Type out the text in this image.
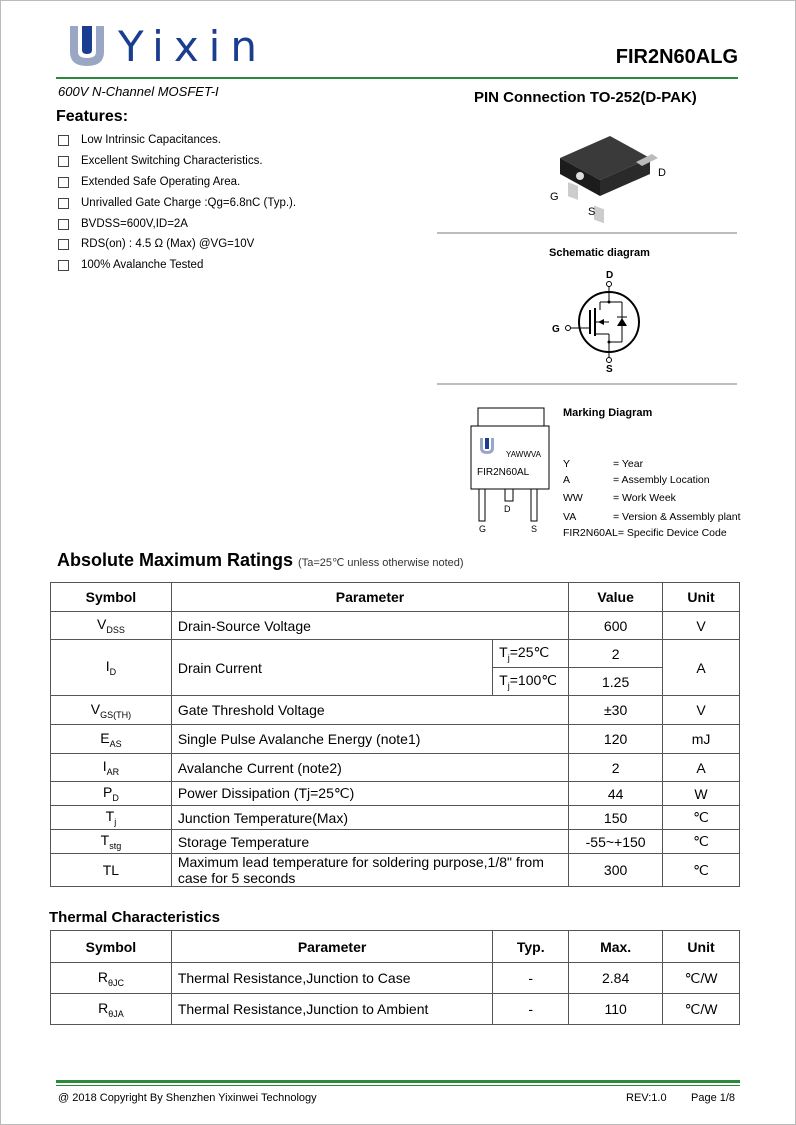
Yixin	FIR2N60ALG
600V N-Channel MOSFET-I	PIN Connection TO-252(D-PAK)
Features:
Low Intrinsic Capacitances.
Excellent Switching Characteristics.
Extended Safe Operating Area.
Unrivalled Gate Charge :Qg=6.8nC (Typ.).
BVDSS=600V,ID=2A
RDS(on) : 4.5 Ω (Max) @VG=10V
100% Avalanche Tested
G
S
D
Schematic diagram
D
G
S
YAWWVA
FIR2N60AL
G
D
S
Marking Diagram
Y	= Year
A	= Assembly Location
WW	= Work Week
VA	= Version & Assembly plant
FIR2N60AL= Specific Device Code
Absolute Maximum Ratings (Ta=25℃ unless otherwise noted)
Symbol	Parameter		Value	Unit
$V_{DSS}$	Drain-Source Voltage		600	V
$I_D$	Drain Current	$T_j=25℃$	2	A
		$T_j=100℃$	1.25	
$V_{GS(TH)}$	Gate Threshold Voltage		±30	V
$E_{AS}$	Single Pulse Avalanche Energy (note1)		120	mJ
$I_{AR}$	Avalanche Current (note2)		2	A
$P_D$	Power Dissipation (Tj=25℃)		44	W
$T_j$	Junction Temperature(Max)		150	℃
$T_{stg}$	Storage Temperature		-55~+150	℃
TL	Maximum lead temperature for soldering purpose,1/8" from case for 5 seconds		300	℃
Thermal Characteristics
Symbol	Parameter	Typ.	Max.	Unit
$R_{\theta JC}$	Thermal Resistance,Junction to Case	-	2.84	℃/W
$R_{\theta JA}$	Thermal Resistance,Junction to Ambient	-	110	℃/W
@ 2018 Copyright By Shenzhen Yixinwei Technology	REV:1.0 Page 1/8
